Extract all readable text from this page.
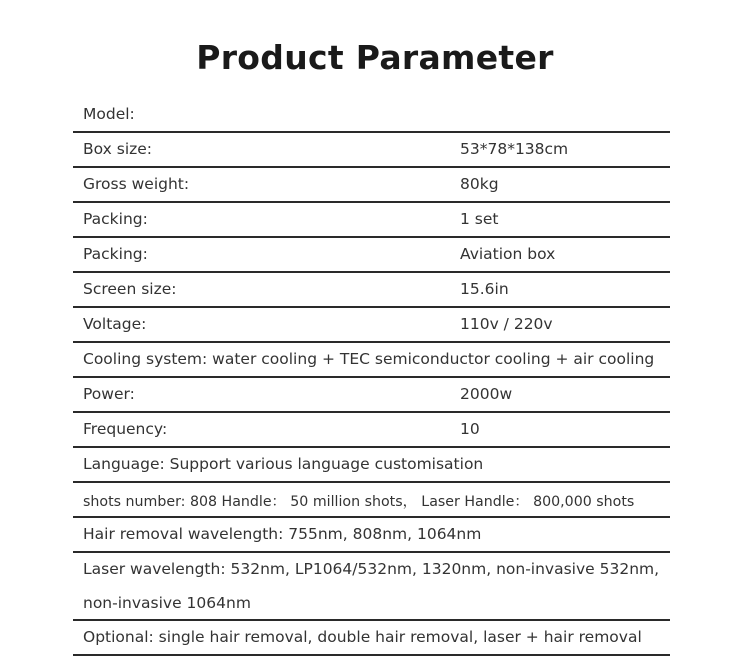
Product Parameter
Model:
Box size:	53*78*138cm
Gross weight:	80kg
Packing:	1 set
Packing:	Aviation box
Screen size:	15.6in
Voltage:	110v / 220v
Cooling system: water cooling + TEC semiconductor cooling + air cooling
Power:	2000w
Frequency:	10
Language: Support various language customisation
shots number: 808 Handle： 50 million shots， Laser Handle： 800,000 shots
Hair removal wavelength: 755nm, 808nm, 1064nm
Laser wavelength: 532nm, LP1064/532nm, 1320nm, non-invasive 532nm,
non-invasive 1064nm
Optional: single hair removal, double hair removal, laser + hair removal
